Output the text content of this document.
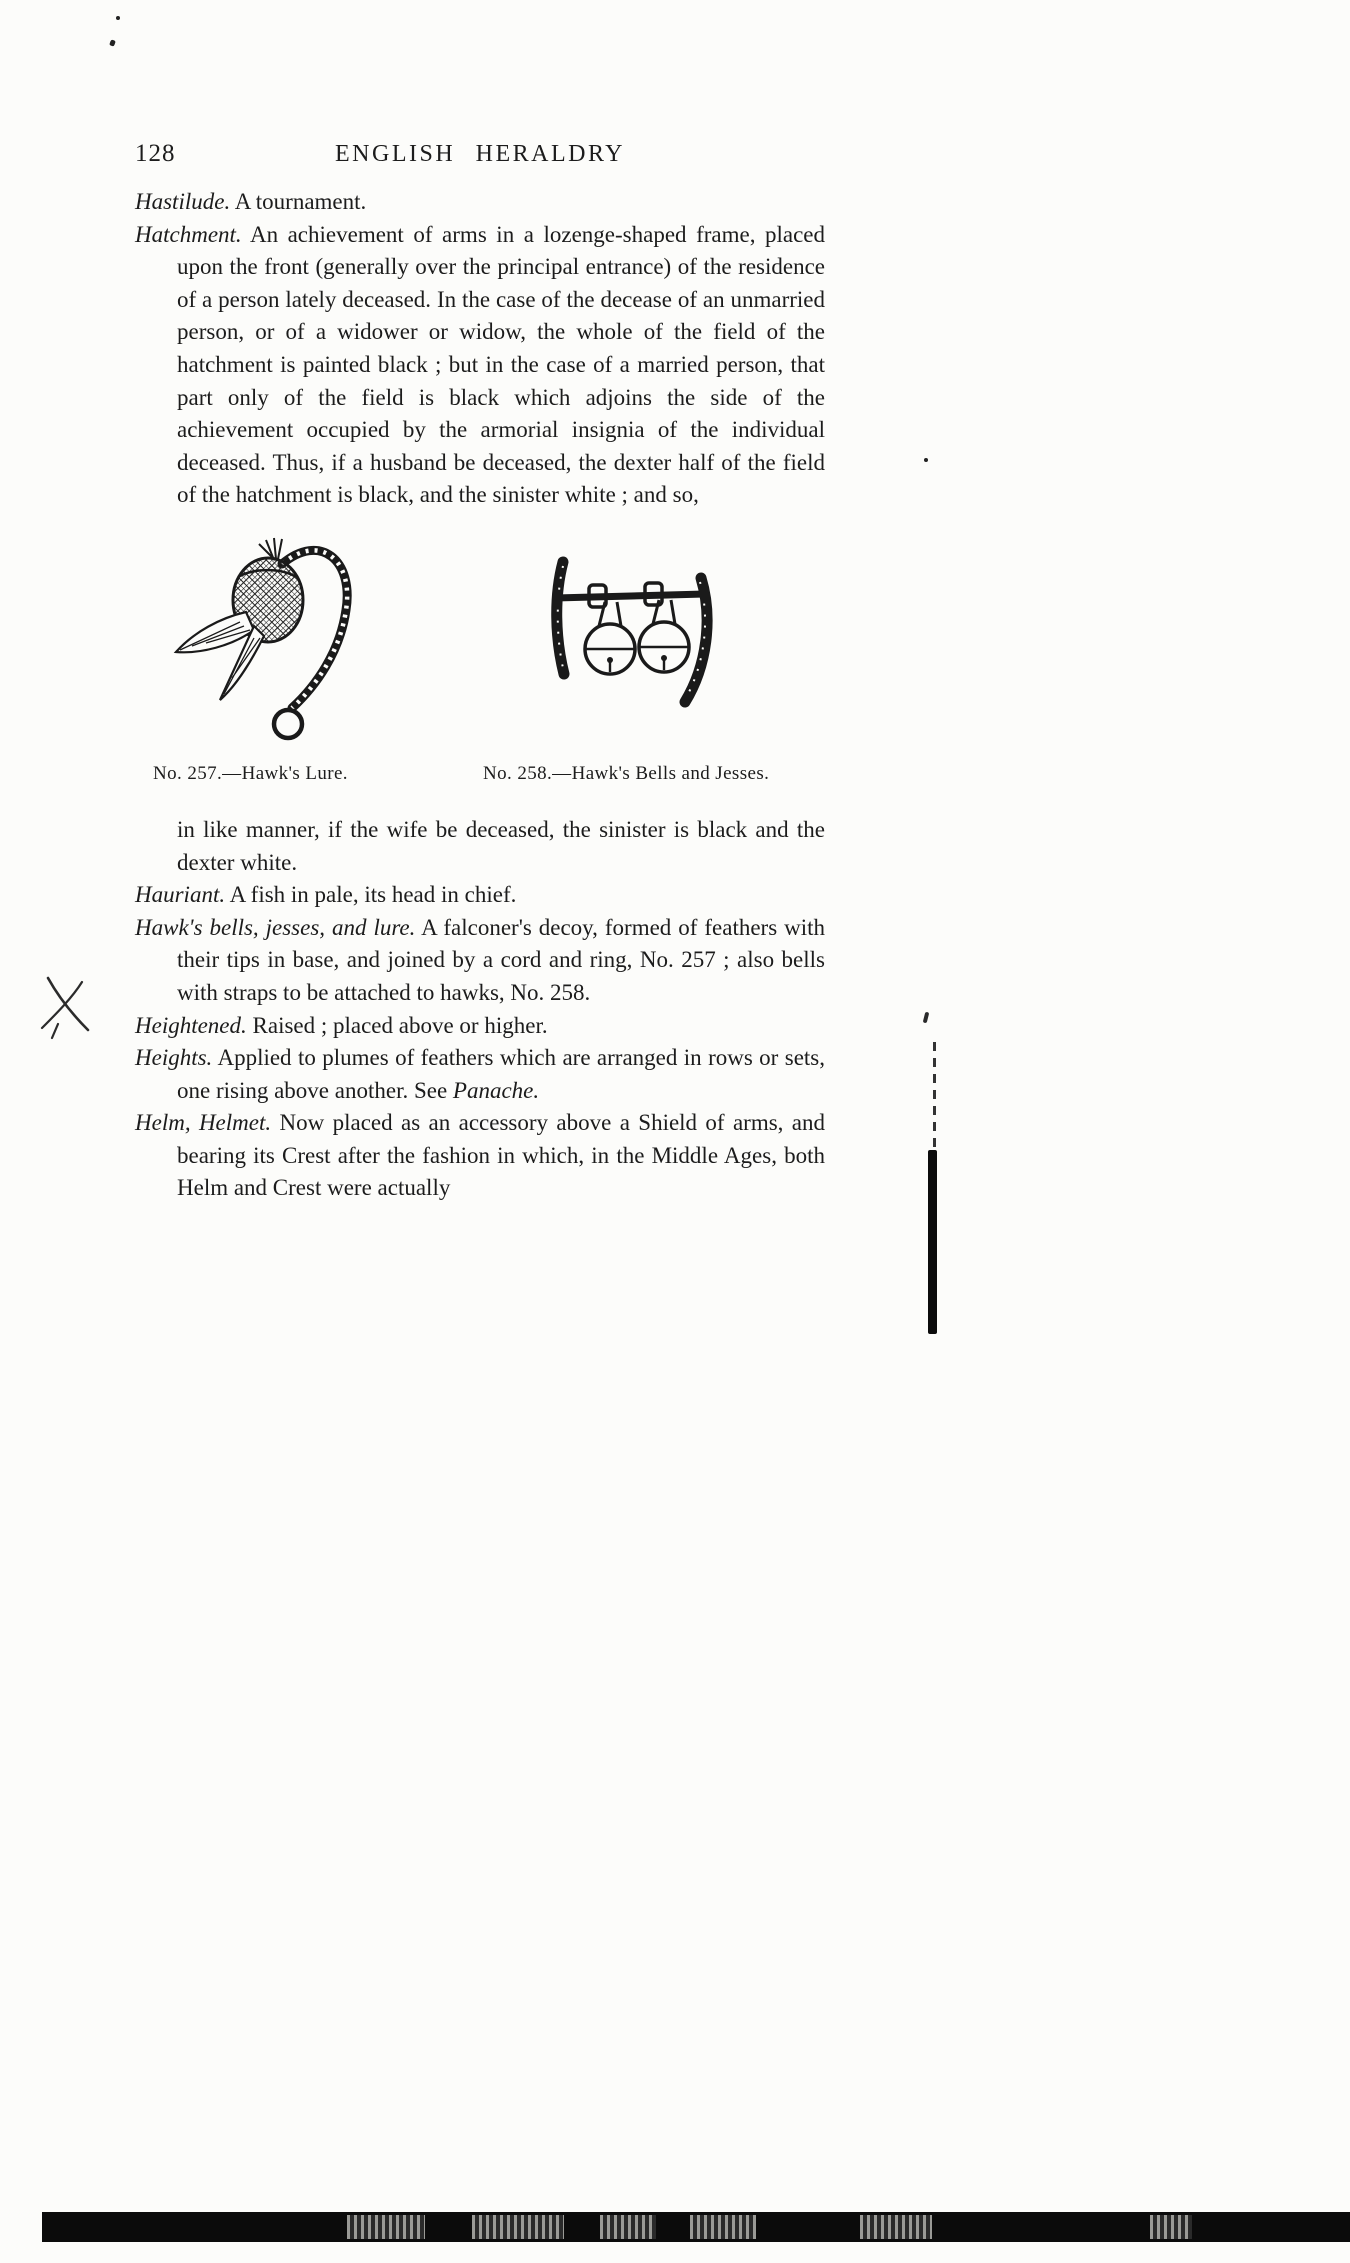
128	ENGLISH HERALDRY

Hastilude. A tournament.

Hatchment. An achievement of arms in a lozenge-shaped frame, placed upon the front (generally over the principal entrance) of the residence of a person lately deceased. In the case of the decease of an unmarried person, or of a widower or widow, the whole of the field of the hatchment is painted black ; but in the case of a married person, that part only of the field is black which adjoins the side of the achievement occupied by the armorial insignia of the individual deceased. Thus, if a husband be deceased, the dexter half of the field of the hatchment is black, and the sinister white ; and so,

No. 257.—Hawk's Lure.	No. 258.—Hawk's Bells and Jesses.

in like manner, if the wife be deceased, the sinister is black and the dexter white.

Hauriant. A fish in pale, its head in chief.

Hawk's bells, jesses, and lure. A falconer's decoy, formed of feathers with their tips in base, and joined by a cord and ring, No. 257 ; also bells with straps to be attached to hawks, No. 258.

Heightened. Raised ; placed above or higher.

Heights. Applied to plumes of feathers which are arranged in rows or sets, one rising above another. See Panache.

Helm, Helmet. Now placed as an accessory above a Shield of arms, and bearing its Crest after the fashion in which, in the Middle Ages, both Helm and Crest were actually
